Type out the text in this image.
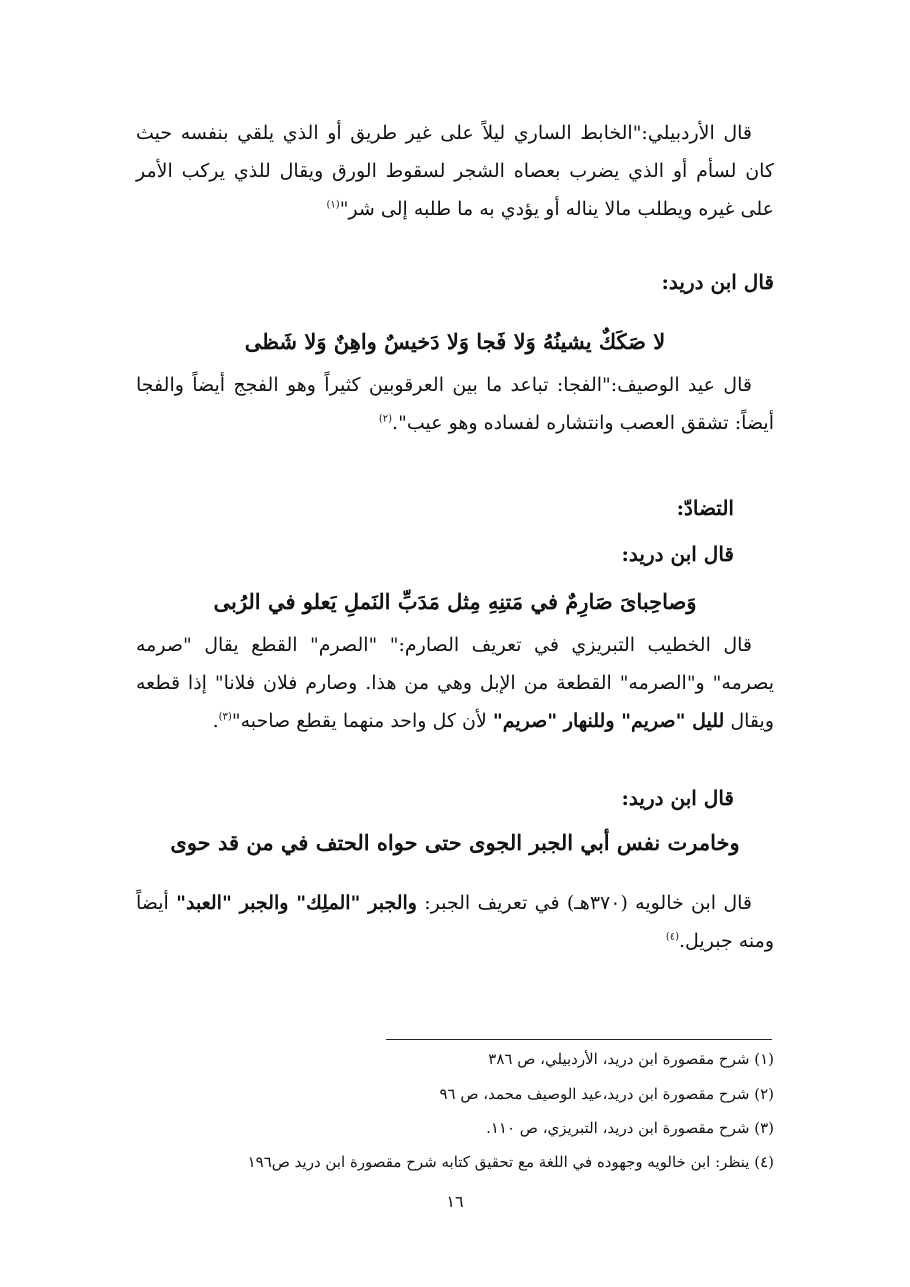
قال الأردبيلي:"الخابط الساري ليلاً على غير طريق أو الذي يلقي بنفسه حيث كان لسأم أو الذي يضرب بعصاه الشجر لسقوط الورق ويقال للذي يركب الأمر على غيره ويطلب مالا يناله أو يؤدي به ما طلبه إلى شر"$^{(١)}$

قال ابن دريد:

لا صَكَكٌ يشينُهُ وَلا فَجا وَلا دَخيسٌ واهِنٌ وَلا شَظى

قال عيد الوصيف:"الفجا: تباعد ما بين العرقوبين كثيراً وهو الفجج أيضاً والفجا أيضاً: تشقق العصب وانتشاره لفساده وهو عيب".$^{(٢)}$

التضادّ:

قال ابن دريد:

وَصاحِباىَ صَارِمٌ في مَتنِهِ مِثل مَدَبِّ النَملِ يَعلو في الرُبى

قال الخطيب التبريزي في تعريف الصارم:" "الصرم" القطع يقال "صرمه يصرمه" و"الصرمه" القطعة من الإبل وهي من هذا. وصارم فلان فلانا" إذا قطعه ويقال لليل "صريم" وللنهار "صريم" لأن كل واحد منهما يقطع صاحبه"$^{(٣)}$.

قال ابن دريد:

وخامرت نفس أبي الجبر الجوى حتى حواه الحتف في من قد حوى

قال ابن خالويه (٣٧٠هـ) في تعريف الجبر: والجبر "الملِك" والجبر "العبد" أيضاً ومنه جبريل.$^{(٤)}$

(١) شرح مقصورة ابن دريد، الأردبيلي، ص ٣٨٦

(٢) شرح مقصورة ابن دريد،عيد الوصيف محمد، ص ٩٦

(٣) شرح مقصورة ابن دريد، التبريزي، ص ١١٠.

(٤) ينظر: ابن خالويه وجهوده في اللغة مع تحقيق كتابه شرح مقصورة ابن دريد ص١٩٦

١٦
